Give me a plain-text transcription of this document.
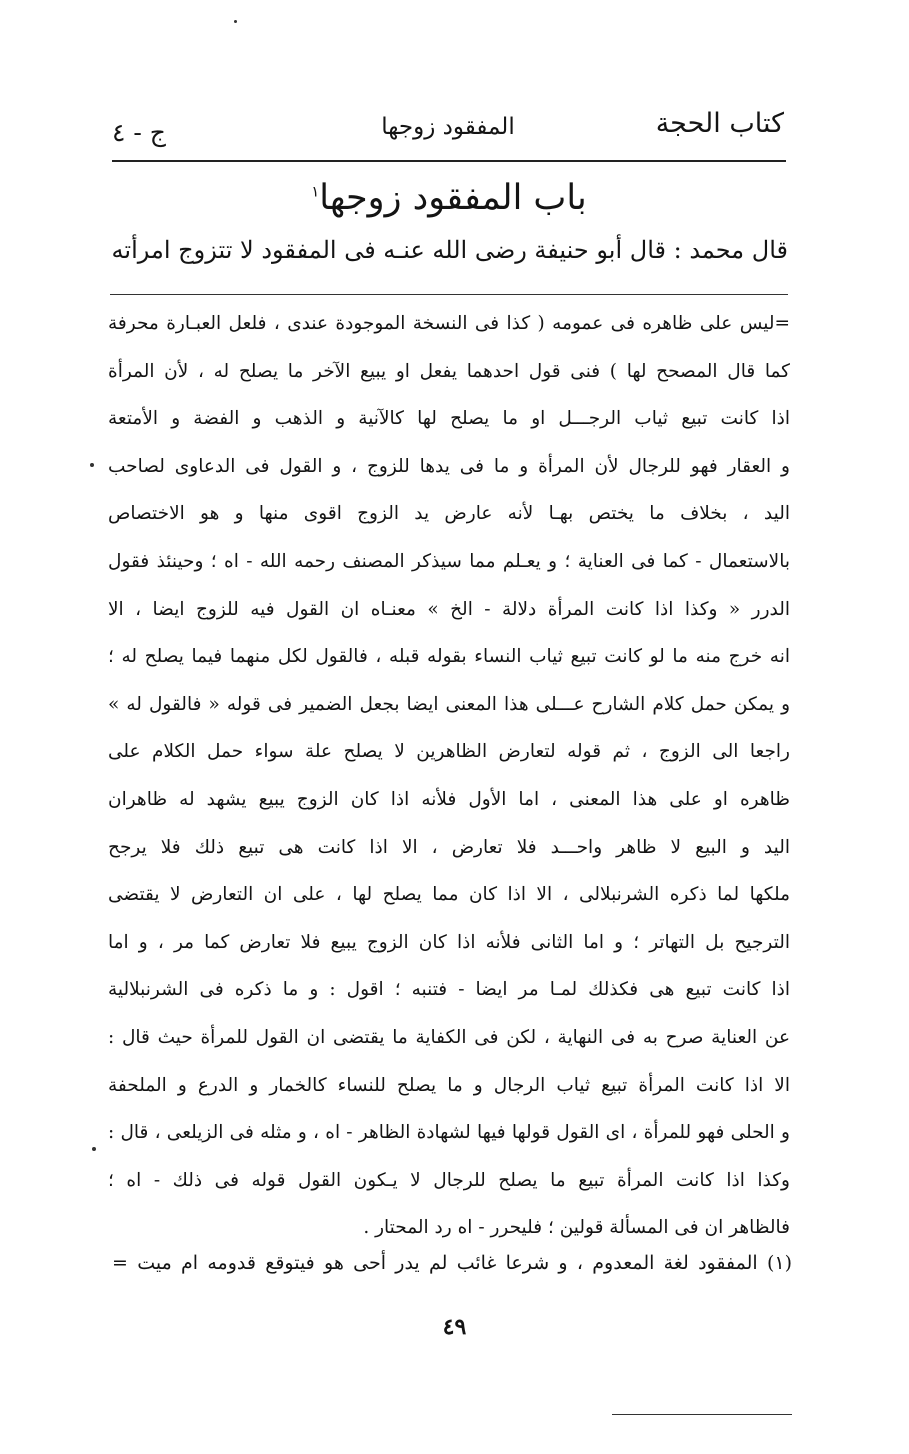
كتاب الحجة
المفقود زوجها
ج - ٤
باب المفقود زوجها$^١$
قال محمد : قال أبو حنيفة رضى الله عنـه فى المفقود لا تتزوج امرأته
=ليس على ظاهره فى عمومه ( كذا فى النسخة الموجودة عندى ، فلعل العبـارة محرفة
كما قال المصحح لها ) فنى قول احدهما يفعل او يبيع الآخر ما يصلح له ، لأن المرأة
اذا كانت تبيع ثياب الرجـــل او ما يصلح لها كالآنية و الذهب و الفضة و الأمتعة
و العقار فهو للرجال لأن المرأة و ما فى يدها للزوج ، و القول فى الدعاوى لصاحب
اليد ، بخلاف ما يختص بهـا لأنه عارض يد الزوج اقوى منها و هو الاختصاص
بالاستعمال - كما فى العناية ؛ و يعـلم مما سيذكر المصنف رحمه الله - اه ؛ وحينئذ فقول
الدرر « وكذا اذا كانت المرأة دلالة - الخ » معنـاه ان القول فيه للزوج ايضا ، الا
انه خرج منه ما لو كانت تبيع ثياب النساء بقوله قبله ، فالقول لكل منهما فيما يصلح له ؛
و يمكن حمل كلام الشارح عـــلى هذا المعنى ايضا بجعل الضمير فى قوله « فالقول له »
راجعا الى الزوج ، ثم قوله لتعارض الظاهرين لا يصلح علة سواء حمل الكلام على
ظاهره او على هذا المعنى ، اما الأول فلأنه اذا كان الزوج يبيع يشهد له ظاهران
اليد و البيع لا ظاهر واحـــد فلا تعارض ، الا اذا كانت هى تبيع ذلك فلا يرجح
ملكها لما ذكره الشرنبلالى ، الا اذا كان مما يصلح لها ، على ان التعارض لا يقتضى
الترجيح بل التهاتر ؛ و اما الثانى فلأنه اذا كان الزوج يبيع فلا تعارض كما مر ، و اما
اذا كانت تبيع هى فكذلك لمـا مر ايضا - فتنبه ؛ اقول : و ما ذكره فى الشرنبلالية
عن العناية صرح به فى النهاية ، لكن فى الكفاية ما يقتضى ان القول للمرأة حيث قال :
الا اذا كانت المرأة تبيع ثياب الرجال و ما يصلح للنساء كالخمار و الدرع و الملحفة
و الحلى فهو للمرأة ، اى القول قولها فيها لشهادة الظاهر - اه ، و مثله فى الزيلعى ، قال :
وكذا اذا كانت المرأة تبيع ما يصلح للرجال لا يـكون القول قوله فى ذلك - اه ؛
فالظاهر ان فى المسألة قولين ؛ فليحرر - اه رد المحتار .
(١) المفقود لغة المعدوم ، و شرعا غائب لم يدر أحى هو فيتوقع قدومه ام ميت =
٤٩
